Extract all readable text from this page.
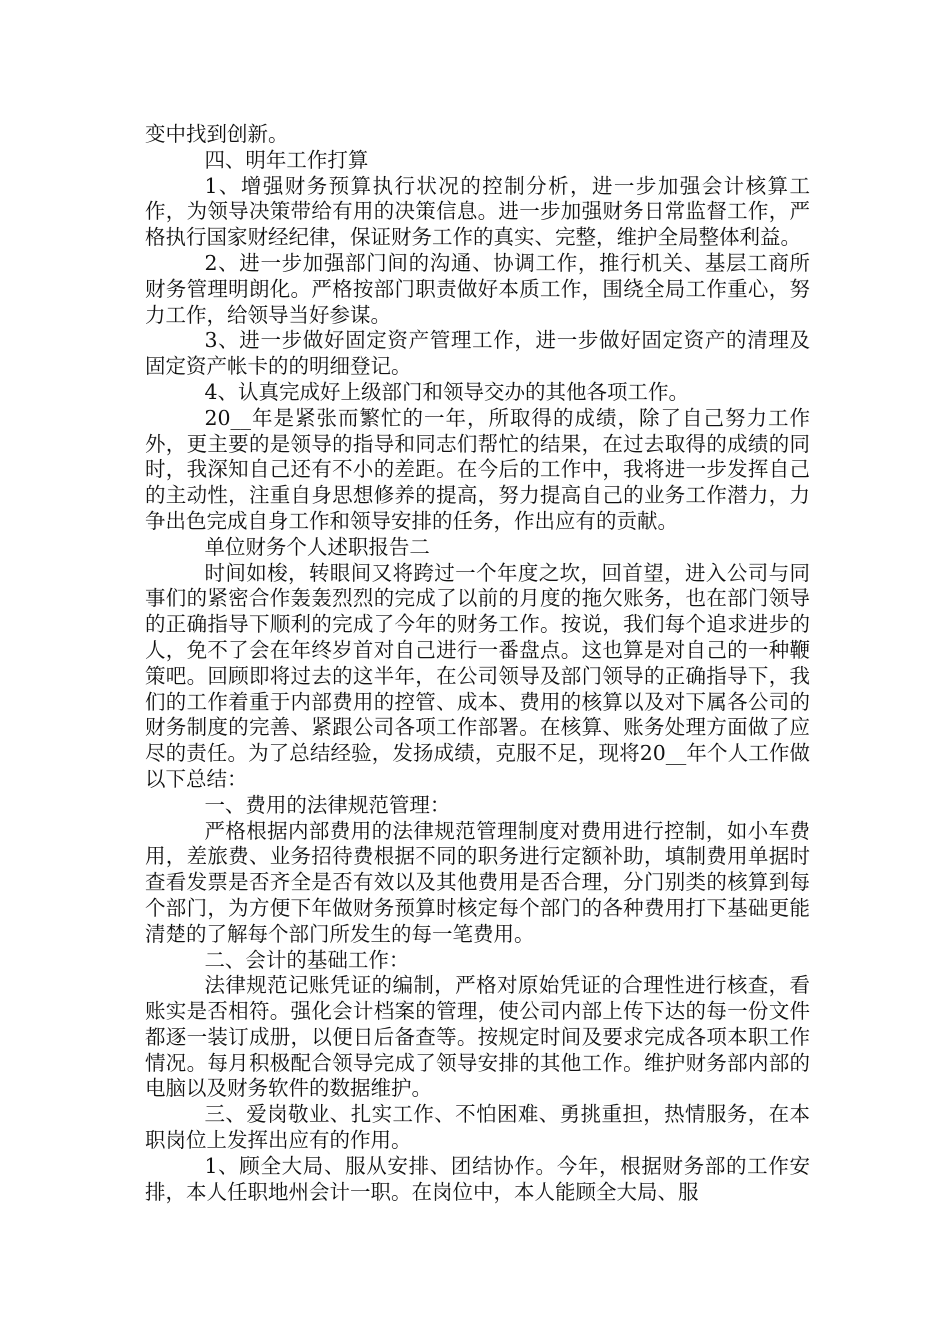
变中找到创新。

四、明年工作打算

1、增强财务预算执行状况的控制分析，进一步加强会计核算工作，为领导决策带给有用的决策信息。进一步加强财务日常监督工作，严格执行国家财经纪律，保证财务工作的真实、完整，维护全局整体利益。

2、进一步加强部门间的沟通、协调工作，推行机关、基层工商所财务管理明朗化。严格按部门职责做好本质工作，围绕全局工作重心，努力工作，给领导当好参谋。

3、进一步做好固定资产管理工作，进一步做好固定资产的清理及固定资产帐卡的的明细登记。

4、认真完成好上级部门和领导交办的其他各项工作。

20__年是紧张而繁忙的一年，所取得的成绩，除了自己努力工作外，更主要的是领导的指导和同志们帮忙的结果，在过去取得的成绩的同时，我深知自己还有不小的差距。在今后的工作中，我将进一步发挥自己的主动性，注重自身思想修养的提高，努力提高自己的业务工作潜力，力争出色完成自身工作和领导安排的任务，作出应有的贡献。

单位财务个人述职报告二

时间如梭，转眼间又将跨过一个年度之坎，回首望，进入公司与同事们的紧密合作轰轰烈烈的完成了以前的月度的拖欠账务，也在部门领导的正确指导下顺利的完成了今年的财务工作。按说，我们每个追求进步的人，免不了会在年终岁首对自己进行一番盘点。这也算是对自己的一种鞭策吧。回顾即将过去的这半年，在公司领导及部门领导的正确指导下，我们的工作着重于内部费用的控管、成本、费用的核算以及对下属各公司的财务制度的完善、紧跟公司各项工作部署。在核算、账务处理方面做了应尽的责任。为了总结经验，发扬成绩，克服不足，现将20__年个人工作做以下总结：

一、费用的法律规范管理：

严格根据内部费用的法律规范管理制度对费用进行控制，如小车费用，差旅费、业务招待费根据不同的职务进行定额补助，填制费用单据时查看发票是否齐全是否有效以及其他费用是否合理，分门别类的核算到每个部门，为方便下年做财务预算时核定每个部门的各种费用打下基础更能清楚的了解每个部门所发生的每一笔费用。

二、会计的基础工作：

法律规范记账凭证的编制，严格对原始凭证的合理性进行核查，看账实是否相符。强化会计档案的管理，使公司内部上传下达的每一份文件都逐一装订成册，以便日后备查等。按规定时间及要求完成各项本职工作情况。每月积极配合领导完成了领导安排的其他工作。维护财务部内部的电脑以及财务软件的数据维护。

三、爱岗敬业、扎实工作、不怕困难、勇挑重担，热情服务，在本职岗位上发挥出应有的作用。

1、顾全大局、服从安排、团结协作。今年，根据财务部的工作安排，本人任职地州会计一职。在岗位中，本人能顾全大局、服
